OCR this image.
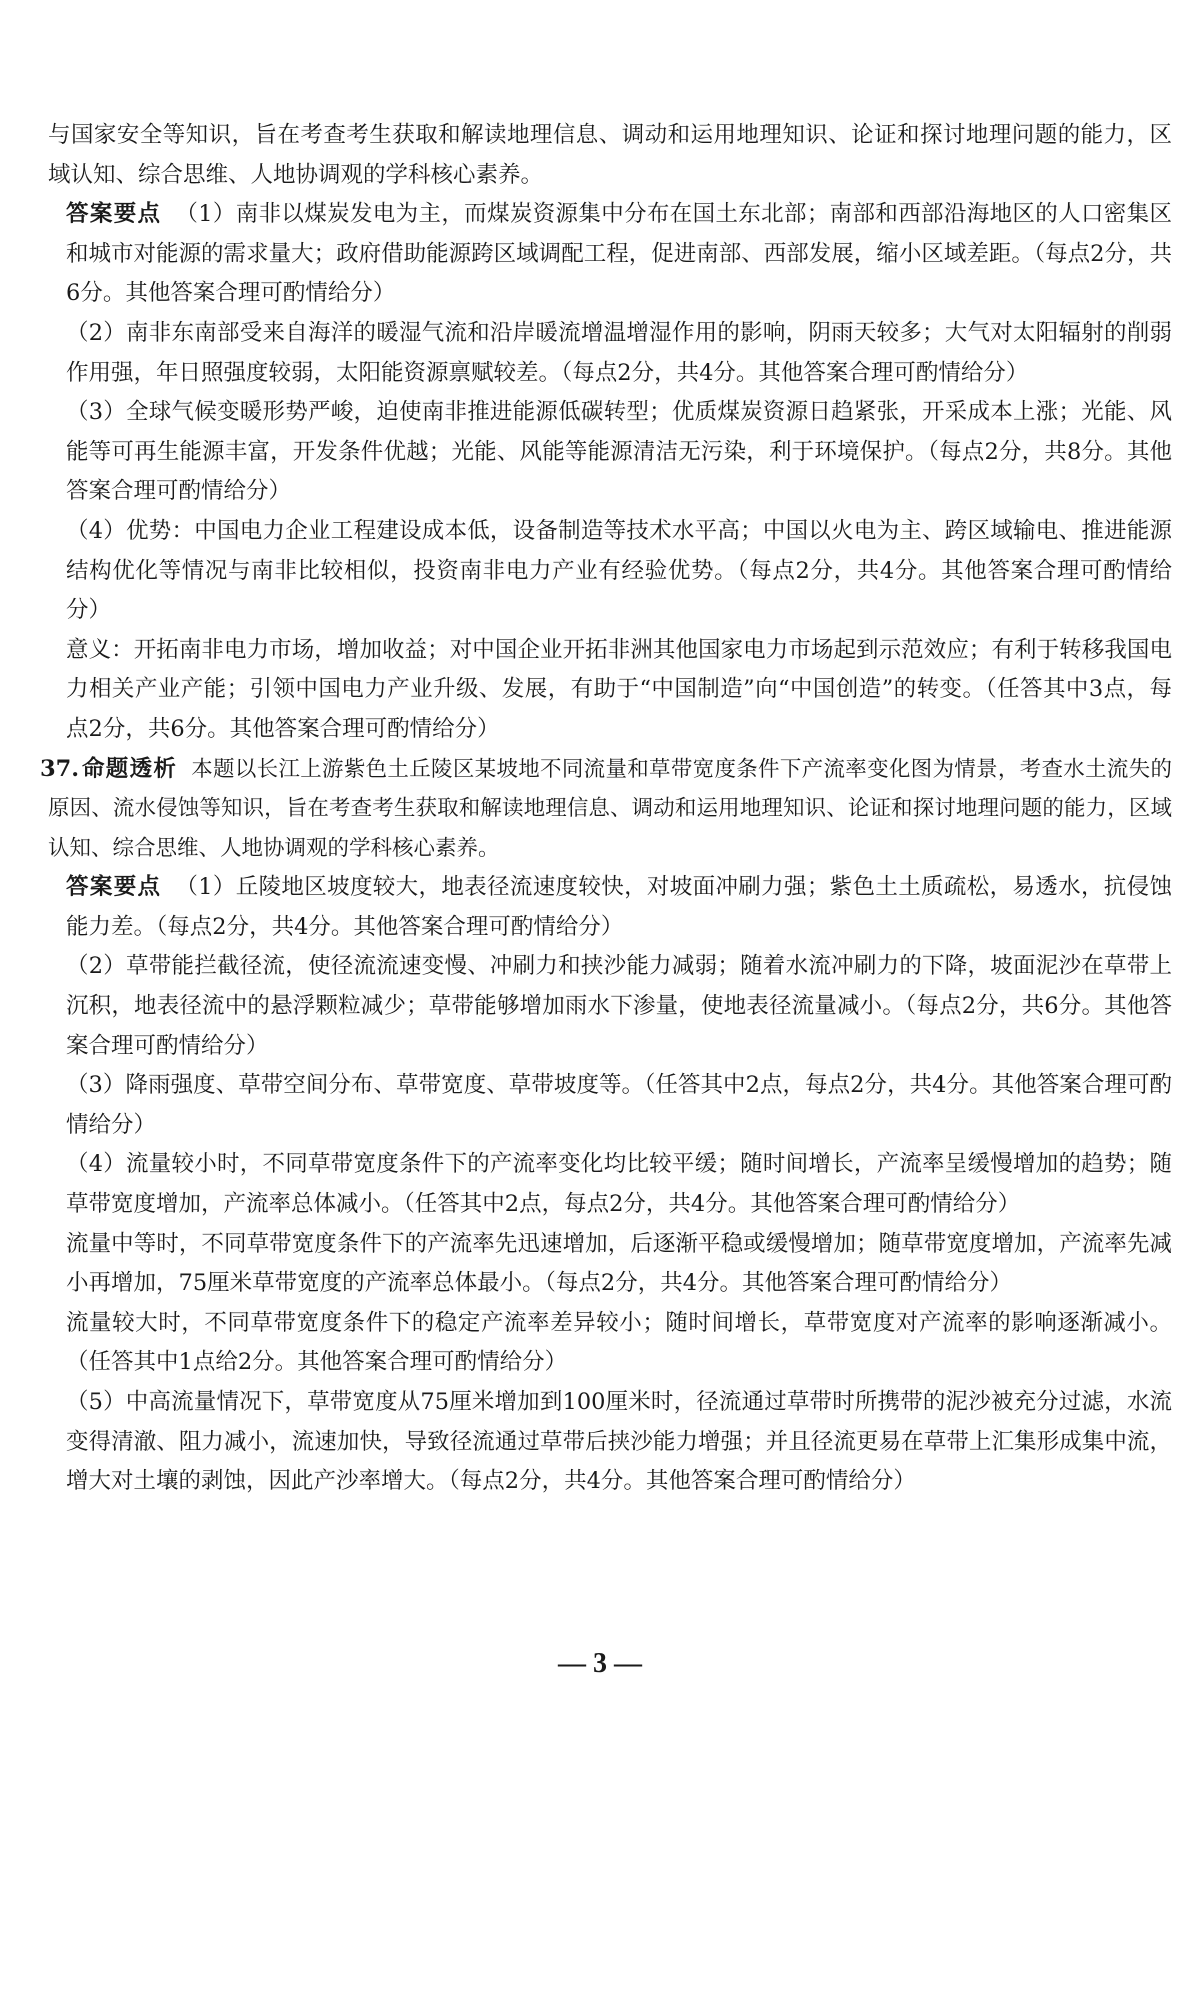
与国家安全等知识，旨在考查考生获取和解读地理信息、调动和运用地理知识、论证和探讨地理问题的能力，区域认知、综合思维、人地协调观的学科核心素养。

答案要点 （1）南非以煤炭发电为主，而煤炭资源集中分布在国土东北部；南部和西部沿海地区的人口密集区和城市对能源的需求量大；政府借助能源跨区域调配工程，促进南部、西部发展，缩小区域差距。（每点2分，共6分。其他答案合理可酌情给分）

（2）南非东南部受来自海洋的暖湿气流和沿岸暖流增温增湿作用的影响，阴雨天较多；大气对太阳辐射的削弱作用强，年日照强度较弱，太阳能资源禀赋较差。（每点2分，共4分。其他答案合理可酌情给分）

（3）全球气候变暖形势严峻，迫使南非推进能源低碳转型；优质煤炭资源日趋紧张，开采成本上涨；光能、风能等可再生能源丰富，开发条件优越；光能、风能等能源清洁无污染，利于环境保护。（每点2分，共8分。其他答案合理可酌情给分）

（4）优势：中国电力企业工程建设成本低，设备制造等技术水平高；中国以火电为主、跨区域输电、推进能源结构优化等情况与南非比较相似，投资南非电力产业有经验优势。（每点2分，共4分。其他答案合理可酌情给分）

意义：开拓南非电力市场，增加收益；对中国企业开拓非洲其他国家电力市场起到示范效应；有利于转移我国电力相关产业产能；引领中国电力产业升级、发展，有助于“中国制造”向“中国创造”的转变。（任答其中3点，每点2分，共6分。其他答案合理可酌情给分）

37. 命题透析 本题以长江上游紫色土丘陵区某坡地不同流量和草带宽度条件下产流率变化图为情景，考查水土流失的原因、流水侵蚀等知识，旨在考查考生获取和解读地理信息、调动和运用地理知识、论证和探讨地理问题的能力，区域认知、综合思维、人地协调观的学科核心素养。

答案要点 （1）丘陵地区坡度较大，地表径流速度较快，对坡面冲刷力强；紫色土土质疏松，易透水，抗侵蚀能力差。（每点2分，共4分。其他答案合理可酌情给分）

（2）草带能拦截径流，使径流流速变慢、冲刷力和挟沙能力减弱；随着水流冲刷力的下降，坡面泥沙在草带上沉积，地表径流中的悬浮颗粒减少；草带能够增加雨水下渗量，使地表径流量减小。（每点2分，共6分。其他答案合理可酌情给分）

（3）降雨强度、草带空间分布、草带宽度、草带坡度等。（任答其中2点，每点2分，共4分。其他答案合理可酌情给分）

（4）流量较小时，不同草带宽度条件下的产流率变化均比较平缓；随时间增长，产流率呈缓慢增加的趋势；随草带宽度增加，产流率总体减小。（任答其中2点，每点2分，共4分。其他答案合理可酌情给分）

流量中等时，不同草带宽度条件下的产流率先迅速增加，后逐渐平稳或缓慢增加；随草带宽度增加，产流率先减小再增加，75厘米草带宽度的产流率总体最小。（每点2分，共4分。其他答案合理可酌情给分）

流量较大时，不同草带宽度条件下的稳定产流率差异较小；随时间增长，草带宽度对产流率的影响逐渐减小。（任答其中1点给2分。其他答案合理可酌情给分）

（5）中高流量情况下，草带宽度从75厘米增加到100厘米时，径流通过草带时所携带的泥沙被充分过滤，水流变得清澈、阻力减小，流速加快，导致径流通过草带后挟沙能力增强；并且径流更易在草带上汇集形成集中流，增大对土壤的剥蚀，因此产沙率增大。（每点2分，共4分。其他答案合理可酌情给分）

— 3 —
